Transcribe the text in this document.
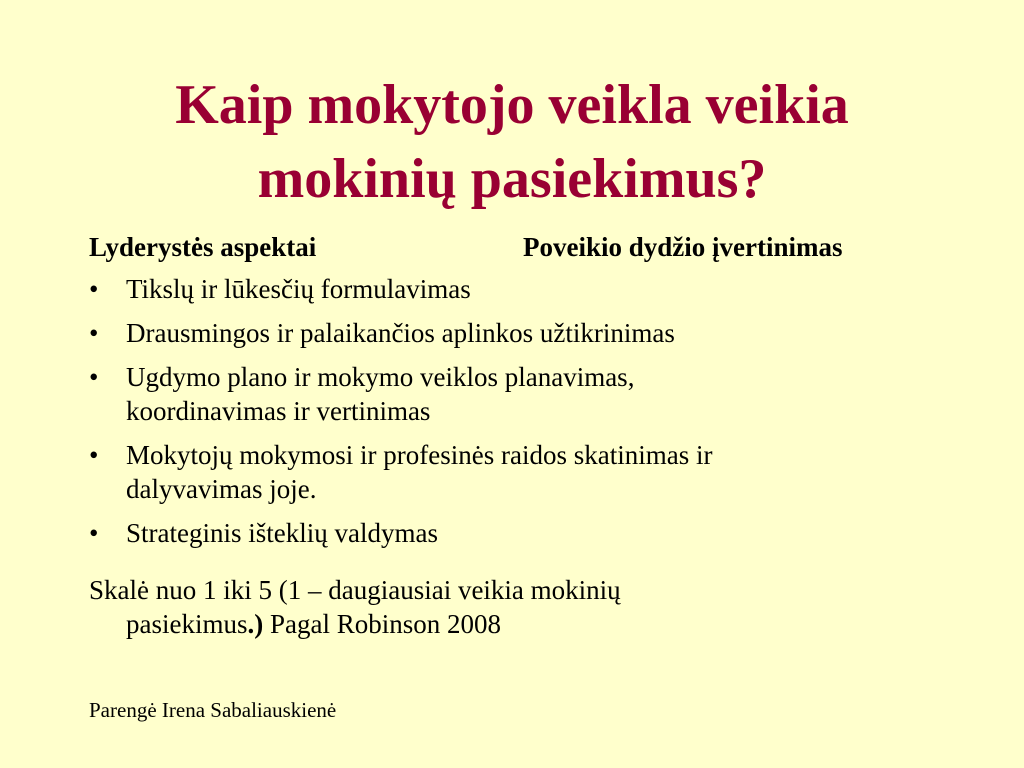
Kaip mokytojo veikla veikia
mokinių pasiekimus?
Lyderystės aspektai	Poveikio dydžio įvertinimas
• Tikslų ir lūkesčių formulavimas
• Drausmingos ir palaikančios aplinkos užtikrinimas
• Ugdymo plano ir mokymo veiklos planavimas,
koordinavimas ir vertinimas
• Mokytojų mokymosi ir profesinės raidos skatinimas ir
dalyvavimas joje.
• Strateginis išteklių valdymas
Skalė nuo 1 iki 5 (1 – daugiausiai veikia mokinių
pasiekimus.) Pagal Robinson 2008
Parengė Irena Sabaliauskienė
